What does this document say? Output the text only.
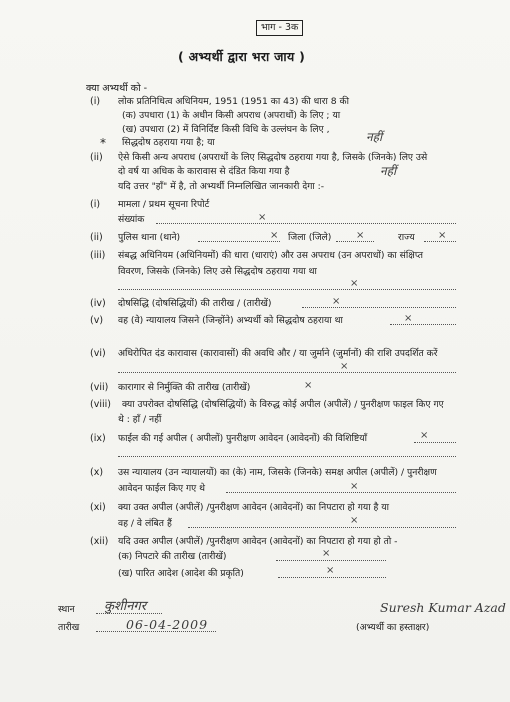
भाग - 3क
( अभ्यर्थी द्वारा भरा जाय )
क्या अभ्यर्थी को -
(i) लोक प्रतिनिधित्व अधिनियम, 1951 (1951 का 43) की धारा 8 की
(क) उपधारा (1) के अधीन किसी अपराध (अपराधों) के लिए ; या
(ख) उपधारा (2) में विनिर्दिष्ट किसी विधि के उल्लंघन के लिए ,
* सिद्धदोष ठहराया गया है; या	नहीं
(ii) ऐसे किसी अन्य अपराध (अपराधों के लिए सिद्धदोष ठहराया गया है, जिसके (जिनके) लिए उसे
दो वर्ष या अधिक के कारावास से दंडित किया गया है	नहीं
यदि उत्तर "हाँ" में है, तो अभ्यर्थी निम्नलिखित जानकारी देगा :-
(i) मामला / प्रथम सूचना रिपोर्ट
संख्यांक	×
(ii) पुलिस थाना (थाने)	× जिला (जिले) ×	राज्य ×
(iii) संबद्ध अधिनियम (अधिनियमों) की धारा (धाराएं) और उस अपराध (उन अपराधों) का संक्षिप्त
विवरण, जिसके (जिनके) लिए उसे सिद्धदोष ठहराया गया था
×
(iv) दोषसिद्धि (दोषसिद्धियों) की तारीख / (तारीखें)	×
(v) वह (वे) न्यायालय जिसने (जिन्होंने) अभ्यर्थी को सिद्धदोष ठहराया था	×
(vi) अधिरोपित दंड कारावास (कारावासों) की अवधि और / या जुर्माने (जुर्मानों) की राशि उपदर्शित करें
×
(vii) कारागार से निर्मुक्ति की तारीख (तारीखें)	×
(viii) क्या उपरोक्त दोषसिद्धि (दोषसिद्धियों) के विरुद्ध कोई अपील (अपीलें) / पुनरीक्षण फाइल किए गए
थे : हाँ / नहीं
(ix) फाईल की गई अपील ( अपीलों) पुनरीक्षण आवेदन (आवेदनों) की विशिष्टियाँ	×
(x) उस न्यायालय (उन न्यायालयों) का (के) नाम, जिसके (जिनके) समक्ष अपील (अपीलें) / पुनरीक्षण
आवेदन फाईल किए गए थे	×
(xi) क्या उक्त अपील (अपीलें) /पुनरीक्षण आवेदन (आवेदनों) का निपटारा हो गया है या
वह / वे लंबित हैं	×
(xii) यदि उक्त अपील (अपीलें) /पुनरीक्षण आवेदन (आवेदनों) का निपटारा हो गया हो तो -
(क) निपटारे की तारीख (तारीखें)	×
(ख) पारित आदेश (आदेश की प्रकृति)	×
स्थान कुशीनगर
तारीख	06-04-2009
Suresh Kumar Azad
(अभ्यर्थी का हस्ताक्षर)
